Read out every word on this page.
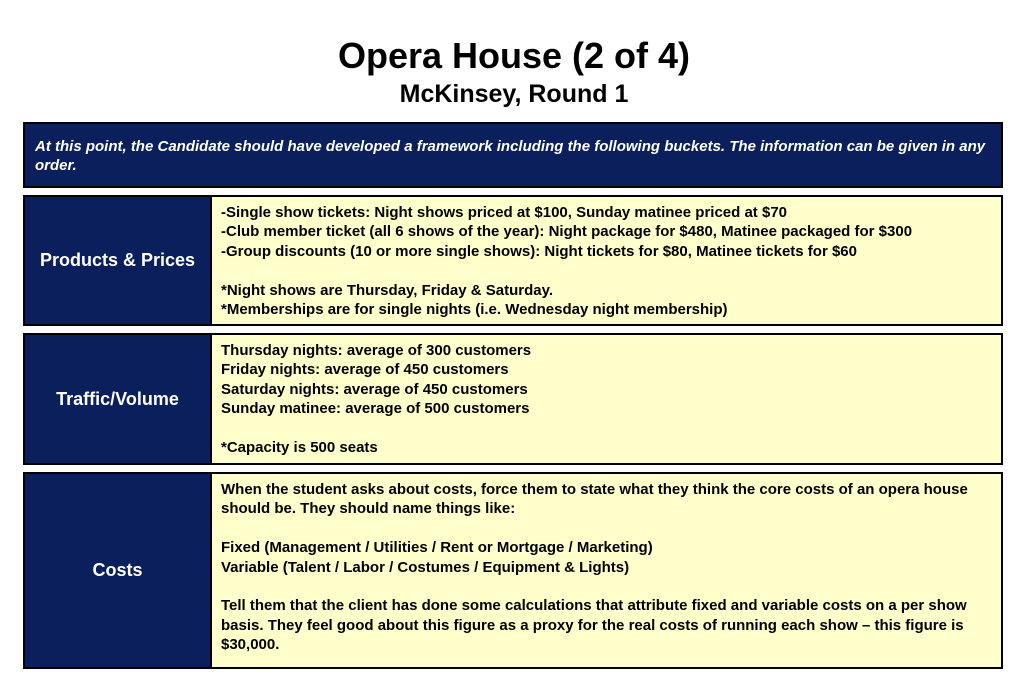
Opera House (2 of 4)
McKinsey, Round 1
At this point, the Candidate should have developed a framework including the following buckets. The information can be given in any order.
Products & Prices
-Single show tickets: Night shows priced at $100, Sunday matinee priced at $70
-Club member ticket (all 6 shows of the year): Night package for $480, Matinee packaged for $300
-Group discounts (10 or more single shows): Night tickets for $80, Matinee tickets for $60
*Night shows are Thursday, Friday & Saturday.
*Memberships are for single nights (i.e. Wednesday night membership)
Traffic/Volume
Thursday nights: average of 300 customers
Friday nights: average of 450 customers
Saturday nights: average of 450 customers
Sunday matinee: average of 500 customers
*Capacity is 500 seats
Costs
When the student asks about costs, force them to state what they think the core costs of an opera house should be. They should name things like:
Fixed (Management / Utilities / Rent or Mortgage / Marketing)
Variable (Talent / Labor / Costumes / Equipment & Lights)
Tell them that the client has done some calculations that attribute fixed and variable costs on a per show basis. They feel good about this figure as a proxy for the real costs of running each show – this figure is $30,000.
